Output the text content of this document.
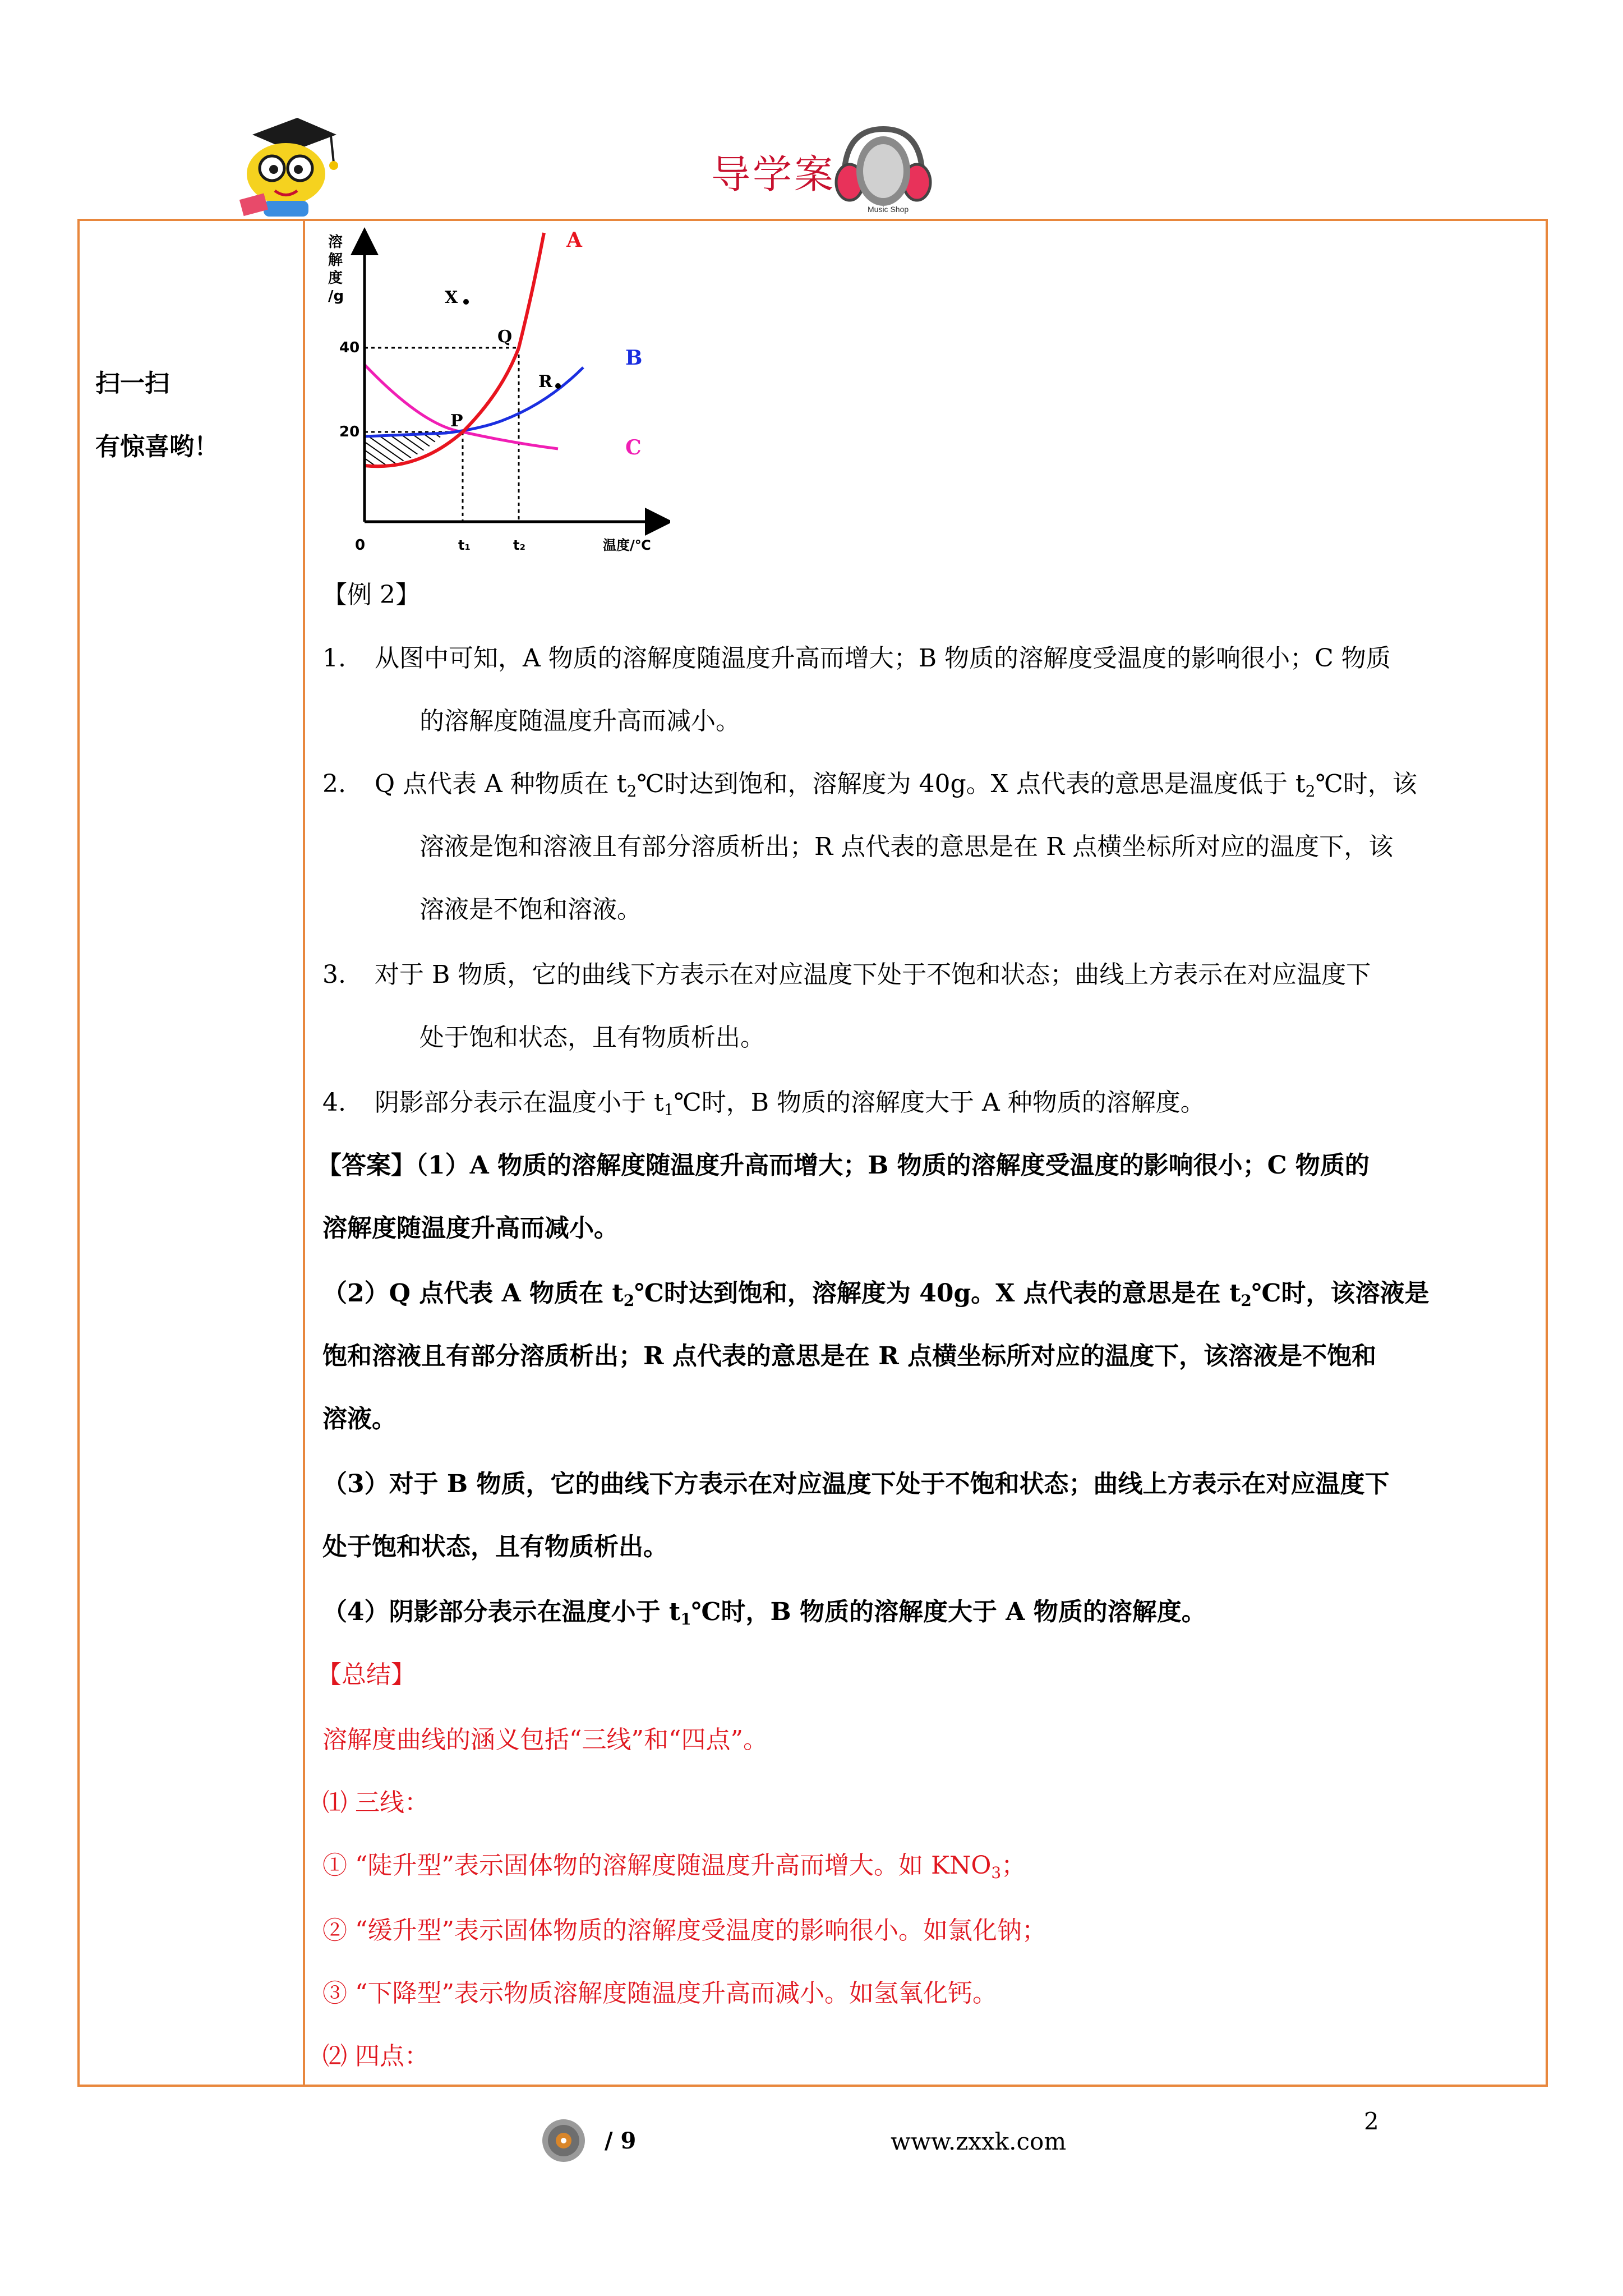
导学案
Music Shop
扫一扫
有惊喜哟！
溶解度/g
40
20
0	t₁	t₂	温度/℃
A
B
C
X
Q
R
P
【例 2】
1. 从图中可知，A 物质的溶解度随温度升高而增大；B 物质的溶解度受温度的影响很小；C 物质
的溶解度随温度升高而减小。
2. Q 点代表 A 种物质在 $t_2℃$时达到饱和，溶解度为 40g。X 点代表的意思是温度低于 $t_2℃$时，该
溶液是饱和溶液且有部分溶质析出；R 点代表的意思是在 R 点横坐标所对应的温度下，该
溶液是不饱和溶液。
3. 对于 B 物质，它的曲线下方表示在对应温度下处于不饱和状态；曲线上方表示在对应温度下
处于饱和状态，且有物质析出。
4. 阴影部分表示在温度小于 $t_1℃$时，B 物质的溶解度大于 A 种物质的溶解度。
【答案】（1）A 物质的溶解度随温度升高而增大；B 物质的溶解度受温度的影响很小；C 物质的
溶解度随温度升高而减小。
（2）Q 点代表 A 物质在 $t_2℃$时达到饱和，溶解度为 40g。X 点代表的意思是在 $t_2℃$时，该溶液是
饱和溶液且有部分溶质析出；R 点代表的意思是在 R 点横坐标所对应的温度下，该溶液是不饱和
溶液。
（3）对于 B 物质，它的曲线下方表示在对应温度下处于不饱和状态；曲线上方表示在对应温度下
处于饱和状态，且有物质析出。
（4）阴影部分表示在温度小于 $t_1℃$时，B 物质的溶解度大于 A 物质的溶解度。
【总结】
溶解度曲线的涵义包括“三线”和“四点”。
⑴ 三线：
① “陡升型”表示固体物的溶解度随温度升高而增大。如 $KNO_3$；
② “缓升型”表示固体物质的溶解度受温度的影响很小。如氯化钠；
③ “下降型”表示物质溶解度随温度升高而减小。如氢氧化钙。
⑵ 四点：
/ 9	www.zxxk.com
2
